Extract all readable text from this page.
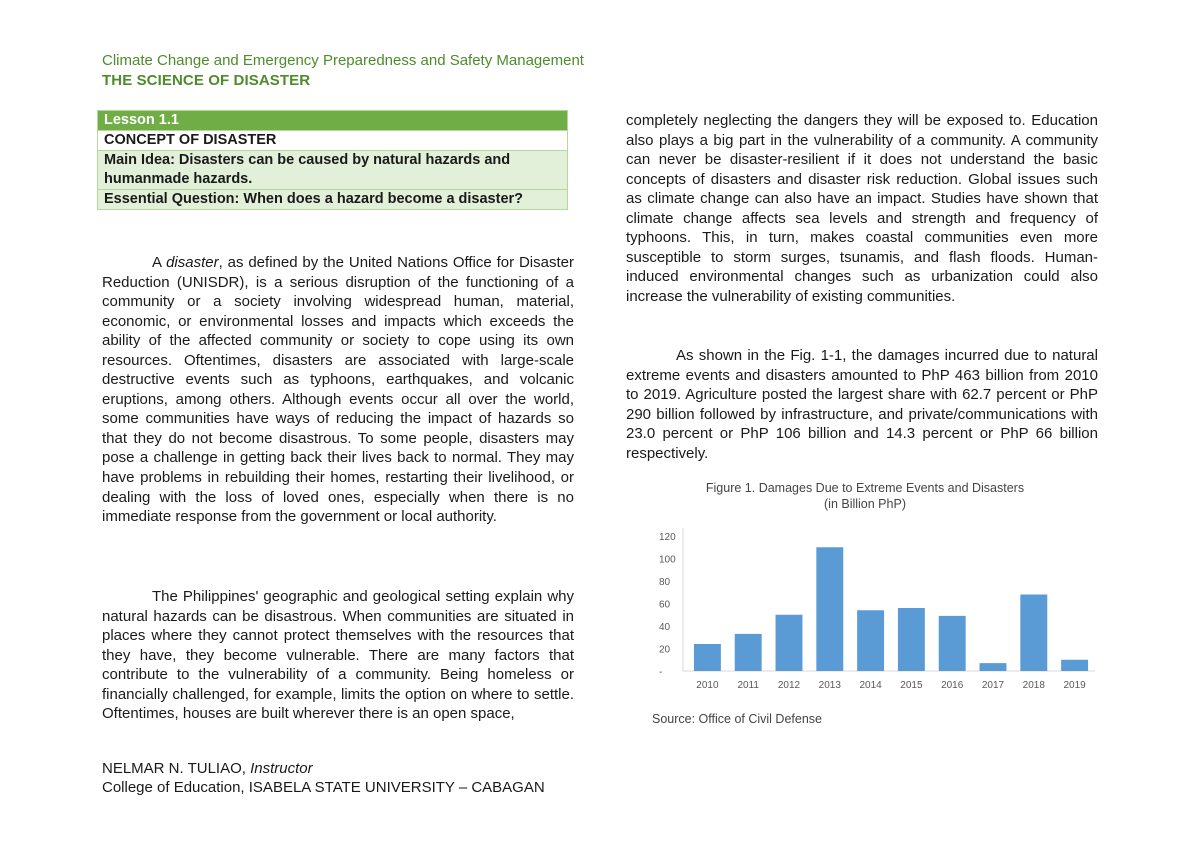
Climate Change and Emergency Preparedness and Safety Management
THE SCIENCE OF DISASTER
Lesson 1.1
CONCEPT OF DISASTER
Main Idea: Disasters can be caused by natural hazards and humanmade hazards.
Essential Question: When does a hazard become a disaster?

A disaster, as defined by the United Nations Office for Disaster Reduction (UNISDR), is a serious disruption of the functioning of a community or a society involving widespread human, material, economic, or environmental losses and impacts which exceeds the ability of the affected community or society to cope using its own resources. Oftentimes, disasters are associated with large-scale destructive events such as typhoons, earthquakes, and volcanic eruptions, among others. Although events occur all over the world, some communities have ways of reducing the impact of hazards so that they do not become disastrous. To some people, disasters may pose a challenge in getting back their lives back to normal. They may have problems in rebuilding their homes, restarting their livelihood, or dealing with the loss of loved ones, especially when there is no immediate response from the government or local authority.

The Philippines' geographic and geological setting explain why natural hazards can be disastrous. When communities are situated in places where they cannot protect themselves with the resources that they have, they become vulnerable. There are many factors that contribute to the vulnerability of a community. Being homeless or financially challenged, for example, limits the option on where to settle. Oftentimes, houses are built wherever there is an open space,

completely neglecting the dangers they will be exposed to. Education also plays a big part in the vulnerability of a community. A community can never be disaster-resilient if it does not understand the basic concepts of disasters and disaster risk reduction. Global issues such as climate change can also have an impact. Studies have shown that climate change affects sea levels and strength and frequency of typhoons. This, in turn, makes coastal communities even more susceptible to storm surges, tsunamis, and flash floods. Human-induced environmental changes such as urbanization could also increase the vulnerability of existing communities.

As shown in the Fig. 1-1, the damages incurred due to natural extreme events and disasters amounted to PhP 463 billion from 2010 to 2019. Agriculture posted the largest share with 62.7 percent or PhP 290 billion followed by infrastructure, and private/communications with 23.0 percent or PhP 106 billion and 14.3 percent or PhP 66 billion respectively.

Figure 1. Damages Due to Extreme Events and Disasters
(in Billion PhP)
-
20
40
60
80
100
120
2010 2011 2012 2013 2014 2015 2016 2017 2018 2019
Source: Office of Civil Defense
NELMAR N. TULIAO, Instructor
College of Education, ISABELA STATE UNIVERSITY – CABAGAN
